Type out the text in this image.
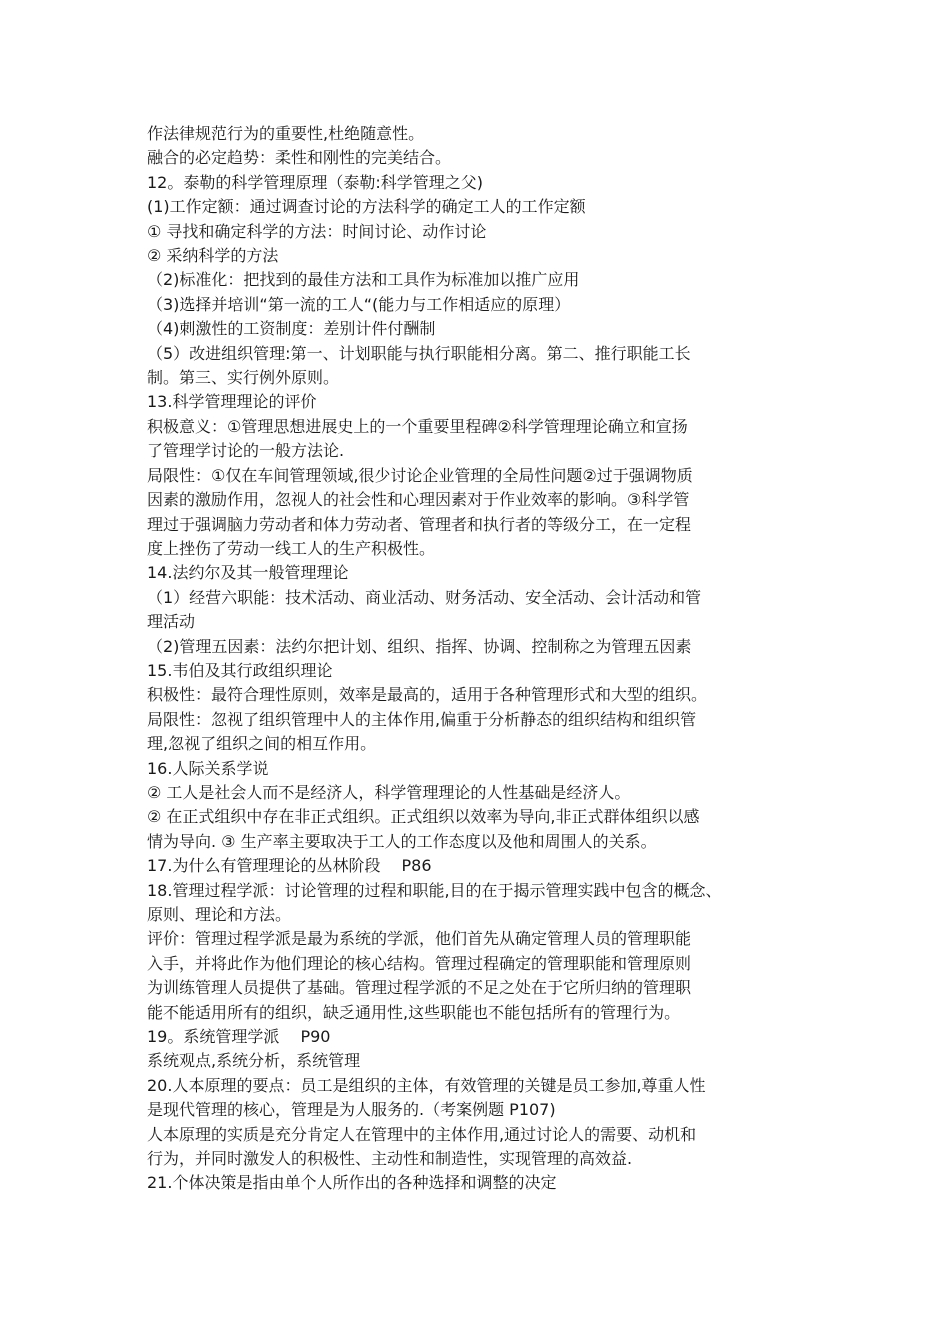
作法律规范行为的重要性,杜绝随意性。
融合的必定趋势：柔性和刚性的完美结合。
12。泰勒的科学管理原理（泰勒:科学管理之父)
(1)工作定额：通过调查讨论的方法科学的确定工人的工作定额
① 寻找和确定科学的方法：时间讨论、动作讨论
② 采纳科学的方法
（2)标准化：把找到的最佳方法和工具作为标准加以推广应用
（3)选择并培训“第一流的工人“(能力与工作相适应的原理）
（4)刺激性的工资制度：差别计件付酬制
（5）改进组织管理:第一、计划职能与执行职能相分离。第二、推行职能工长
制。第三、实行例外原则。
13.科学管理理论的评价
积极意义：①管理思想进展史上的一个重要里程碑②科学管理理论确立和宣扬
了管理学讨论的一般方法论.
局限性：①仅在车间管理领域,很少讨论企业管理的全局性问题②过于强调物质
因素的激励作用，忽视人的社会性和心理因素对于作业效率的影响。③科学管
理过于强调脑力劳动者和体力劳动者、管理者和执行者的等级分工，在一定程
度上挫伤了劳动一线工人的生产积极性。
14.法约尔及其一般管理理论
（1）经营六职能：技术活动、商业活动、财务活动、安全活动、会计活动和管
理活动
（2)管理五因素：法约尔把计划、组织、指挥、协调、控制称之为管理五因素
15.韦伯及其行政组织理论
积极性：最符合理性原则，效率是最高的，适用于各种管理形式和大型的组织。
局限性：忽视了组织管理中人的主体作用,偏重于分析静态的组织结构和组织管
理,忽视了组织之间的相互作用。
16.人际关系学说
② 工人是社会人而不是经济人，科学管理理论的人性基础是经济人。
② 在正式组织中存在非正式组织。正式组织以效率为导向,非正式群体组织以感
情为导向. ③ 生产率主要取决于工人的工作态度以及他和周围人的关系。
17.为什么有管理理论的丛林阶段　 P86
18.管理过程学派：讨论管理的过程和职能,目的在于揭示管理实践中包含的概念、
原则、理论和方法。
评价：管理过程学派是最为系统的学派，他们首先从确定管理人员的管理职能
入手，并将此作为他们理论的核心结构。管理过程确定的管理职能和管理原则
为训练管理人员提供了基础。管理过程学派的不足之处在于它所归纳的管理职
能不能适用所有的组织，缺乏通用性,这些职能也不能包括所有的管理行为。
19。系统管理学派　 P90
系统观点,系统分析，系统管理
20.人本原理的要点：员工是组织的主体，有效管理的关键是员工参加,尊重人性
是现代管理的核心，管理是为人服务的.（考案例题 P107)
人本原理的实质是充分肯定人在管理中的主体作用,通过讨论人的需要、动机和
行为，并同时激发人的积极性、主动性和制造性，实现管理的高效益.
21.个体决策是指由单个人所作出的各种选择和调整的决定
